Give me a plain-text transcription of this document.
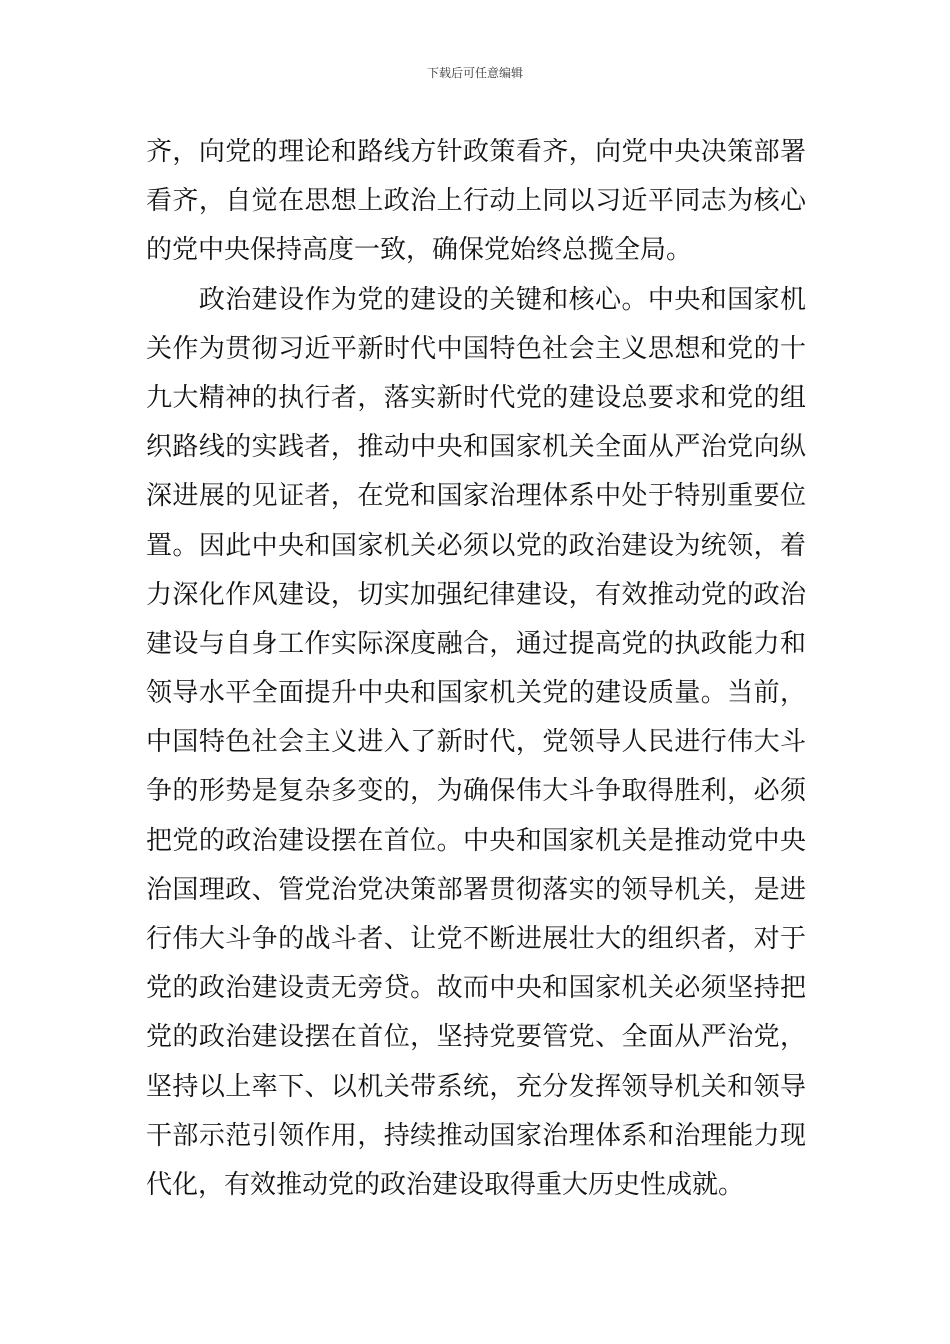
下载后可任意编辑
齐，向党的理论和路线方针政策看齐，向党中央决策部署
看齐，自觉在思想上政治上行动上同以习近平同志为核心
的党中央保持高度一致，确保党始终总揽全局。
　　政治建设作为党的建设的关键和核心。中央和国家机
关作为贯彻习近平新时代中国特色社会主义思想和党的十
九大精神的执行者，落实新时代党的建设总要求和党的组
织路线的实践者，推动中央和国家机关全面从严治党向纵
深进展的见证者，在党和国家治理体系中处于特别重要位
置。因此中央和国家机关必须以党的政治建设为统领，着
力深化作风建设，切实加强纪律建设，有效推动党的政治
建设与自身工作实际深度融合，通过提高党的执政能力和
领导水平全面提升中央和国家机关党的建设质量。当前，
中国特色社会主义进入了新时代，党领导人民进行伟大斗
争的形势是复杂多变的，为确保伟大斗争取得胜利，必须
把党的政治建设摆在首位。中央和国家机关是推动党中央
治国理政、管党治党决策部署贯彻落实的领导机关，是进
行伟大斗争的战斗者、让党不断进展壮大的组织者，对于
党的政治建设责无旁贷。故而中央和国家机关必须坚持把
党的政治建设摆在首位，坚持党要管党、全面从严治党，
坚持以上率下、以机关带系统，充分发挥领导机关和领导
干部示范引领作用，持续推动国家治理体系和治理能力现
代化，有效推动党的政治建设取得重大历史性成就。
